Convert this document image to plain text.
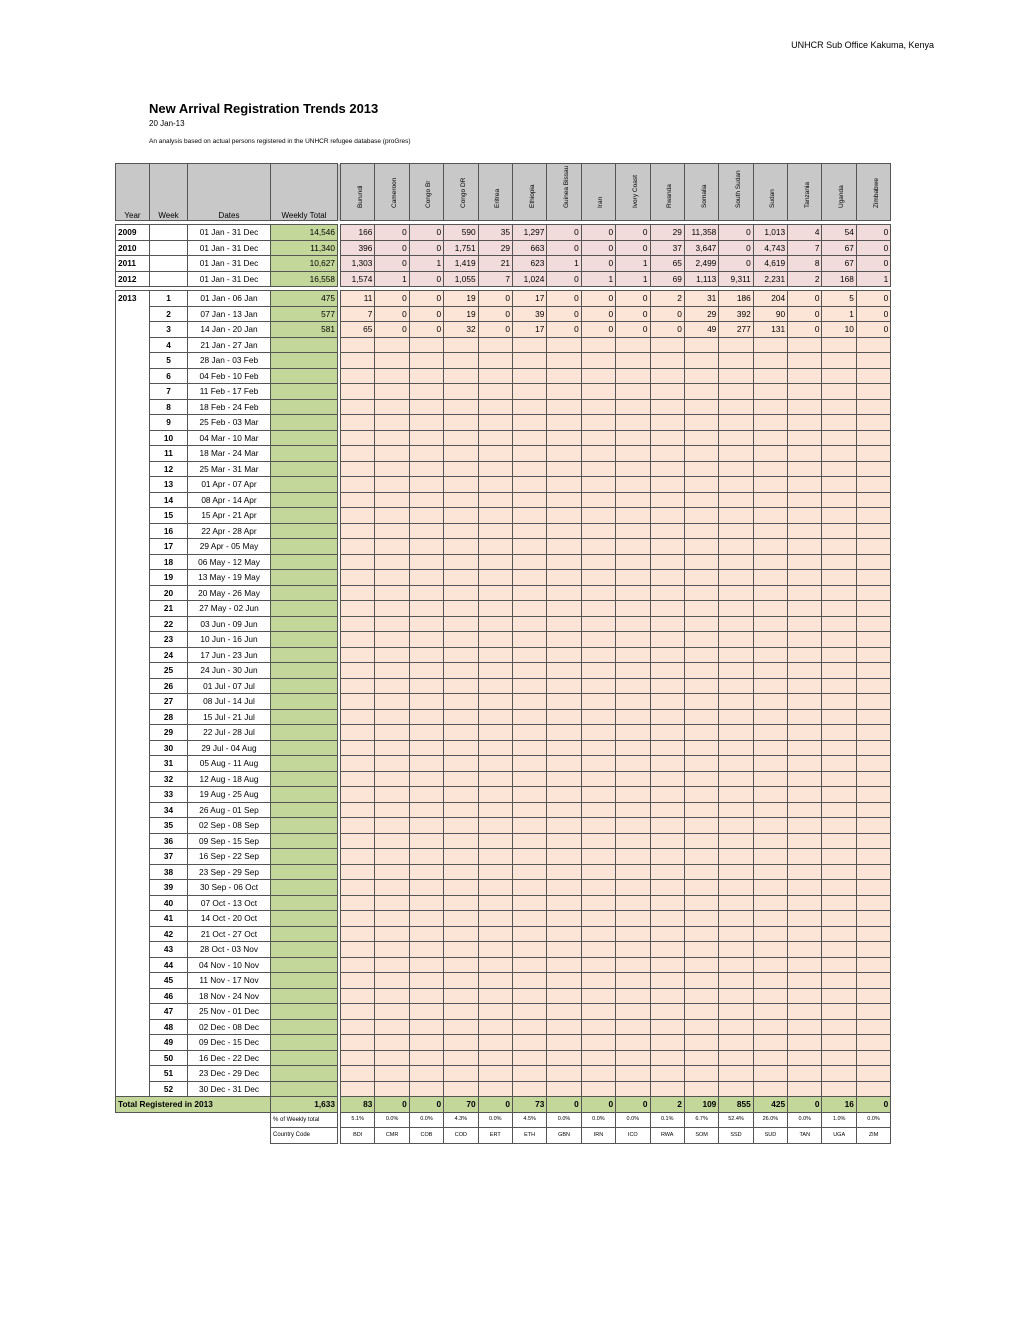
UNHCR Sub Office Kakuma, Kenya
New Arrival Registration Trends 2013
20 Jan-13
An analysis based on actual persons registered in the UNHCR refugee database (proGres)
Year	Week	Dates	Weekly Total		Burundi	Cameroon	Congo Br	Congo DR	Eritrea	Ethiopia	Guinea Bissau	Iran	Ivory Coast	Rwanda	Somalia	South Sudan	Sudan	Tanzania	Uganda	Zimbabwe

2009		01 Jan - 31 Dec	14,546		166	0	0	590	35	1,297	0	0	0	29	11,358	0	1,013	4	54	0
2010		01 Jan - 31 Dec	11,340		396	0	0	1,751	29	663	0	0	0	37	3,647	0	4,743	7	67	0
2011		01 Jan - 31 Dec	10,627		1,303	0	1	1,419	21	623	1	0	1	65	2,499	0	4,619	8	67	0
2012		01 Jan - 31 Dec	16,558		1,574	1	0	1,055	7	1,024	0	1	1	69	1,113	9,311	2,231	2	168	1

2013	1	01 Jan - 06 Jan	475		11	0	0	19	0	17	0	0	0	2	31	186	204	0	5	0
	2	07 Jan - 13 Jan	577		7	0	0	19	0	39	0	0	0	0	29	392	90	0	1	0
	3	14 Jan - 20 Jan	581		65	0	0	32	0	17	0	0	0	0	49	277	131	0	10	0
	4	21 Jan - 27 Jan																		
	5	28 Jan - 03 Feb																		
	6	04 Feb - 10 Feb																		
	7	11 Feb - 17 Feb																		
	8	18 Feb - 24 Feb																		
	9	25 Feb - 03 Mar																		
	10	04 Mar - 10 Mar																		
	11	18 Mar - 24 Mar																		
	12	25 Mar - 31 Mar																		
	13	01 Apr - 07 Apr																		
	14	08 Apr - 14 Apr																		
	15	15 Apr - 21 Apr																		
	16	22 Apr - 28 Apr																		
	17	29 Apr - 05 May																		
	18	06 May - 12 May																		
	19	13 May - 19 May																		
	20	20 May - 26 May																		
	21	27 May - 02 Jun																		
	22	03 Jun - 09 Jun																		
	23	10 Jun - 16 Jun																		
	24	17 Jun - 23 Jun																		
	25	24 Jun - 30 Jun																		
	26	01 Jul - 07 Jul																		
	27	08 Jul - 14 Jul																		
	28	15 Jul - 21 Jul																		
	29	22 Jul - 28 Jul																		
	30	29 Jul - 04 Aug																		
	31	05 Aug - 11 Aug																		
	32	12 Aug - 18 Aug																		
	33	19 Aug - 25 Aug																		
	34	26 Aug - 01 Sep																		
	35	02 Sep - 08 Sep																		
	36	09 Sep - 15 Sep																		
	37	16 Sep - 22 Sep																		
	38	23 Sep - 29 Sep																		
	39	30 Sep - 06 Oct																		
	40	07 Oct - 13 Oct																		
	41	14 Oct - 20 Oct																		
	42	21 Oct - 27 Oct																		
	43	28 Oct - 03 Nov																		
	44	04 Nov - 10 Nov																		
	45	11 Nov - 17 Nov																		
	46	18 Nov - 24 Nov																		
	47	25 Nov - 01 Dec																		
	48	02 Dec - 08 Dec																		
	49	09 Dec - 15 Dec																		
	50	16 Dec - 22 Dec																		
	51	23 Dec - 29 Dec																		
	52	30 Dec - 31 Dec																		
Total Registered in 2013			1,633		83	0	0	70	0	73	0	0	0	2	109	855	425	0	16	0
			% of Weekly total		5.1%	0.0%	0.0%	4.3%	0.0%	4.5%	0.0%	0.0%	0.0%	0.1%	6.7%	52.4%	26.0%	0.0%	1.0%	0.0%
			Country Code		BDI	CMR	COB	COD	ERT	ETH	GBN	IRN	ICO	RWA	SOM	SSD	SUD	TAN	UGA	ZIM
